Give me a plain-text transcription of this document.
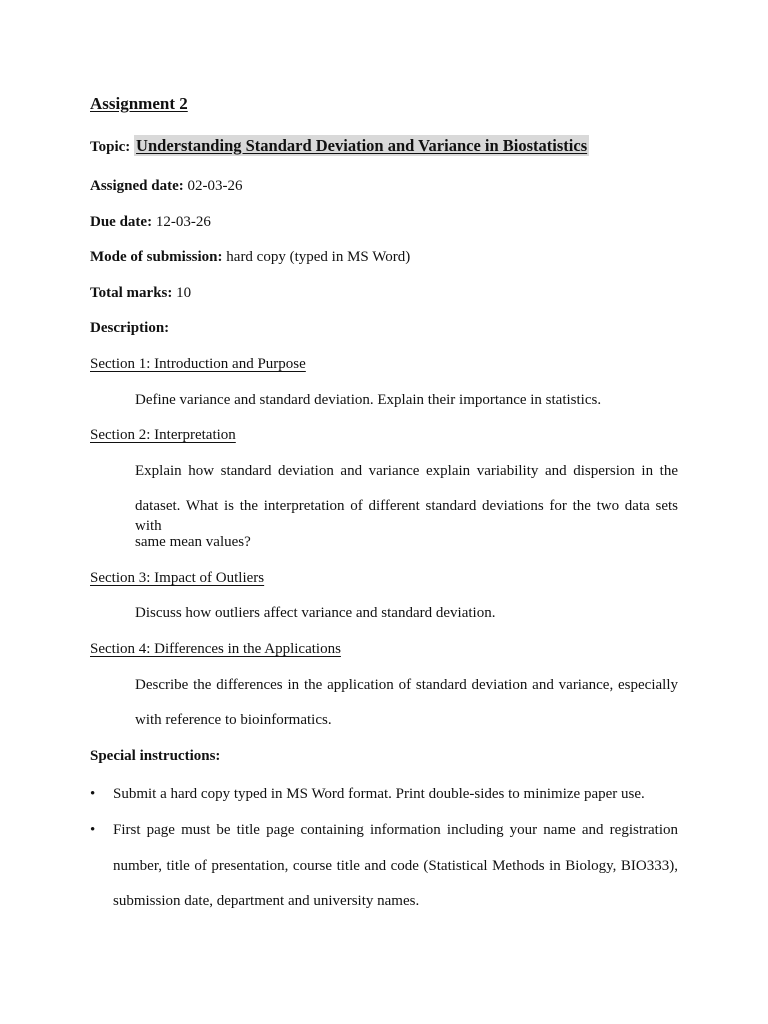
Assignment 2
Topic: Understanding Standard Deviation and Variance in Biostatistics
Assigned date: 02-03-26
Due date: 12-03-26
Mode of submission: hard copy (typed in MS Word)
Total marks: 10
Description:
Section 1: Introduction and Purpose
Define variance and standard deviation. Explain their importance in statistics.
Section 2: Interpretation
Explain how standard deviation and variance explain variability and dispersion in the
dataset. What is the interpretation of different standard deviations for the two data sets with
same mean values?
Section 3: Impact of Outliers
Discuss how outliers affect variance and standard deviation.
Section 4: Differences in the Applications
Describe the differences in the application of standard deviation and variance, especially
with reference to bioinformatics.
Special instructions:
• Submit a hard copy typed in MS Word format. Print double-sides to minimize paper use.
• First page must be title page containing information including your name and registration
number, title of presentation, course title and code (Statistical Methods in Biology, BIO333),
submission date, department and university names.
